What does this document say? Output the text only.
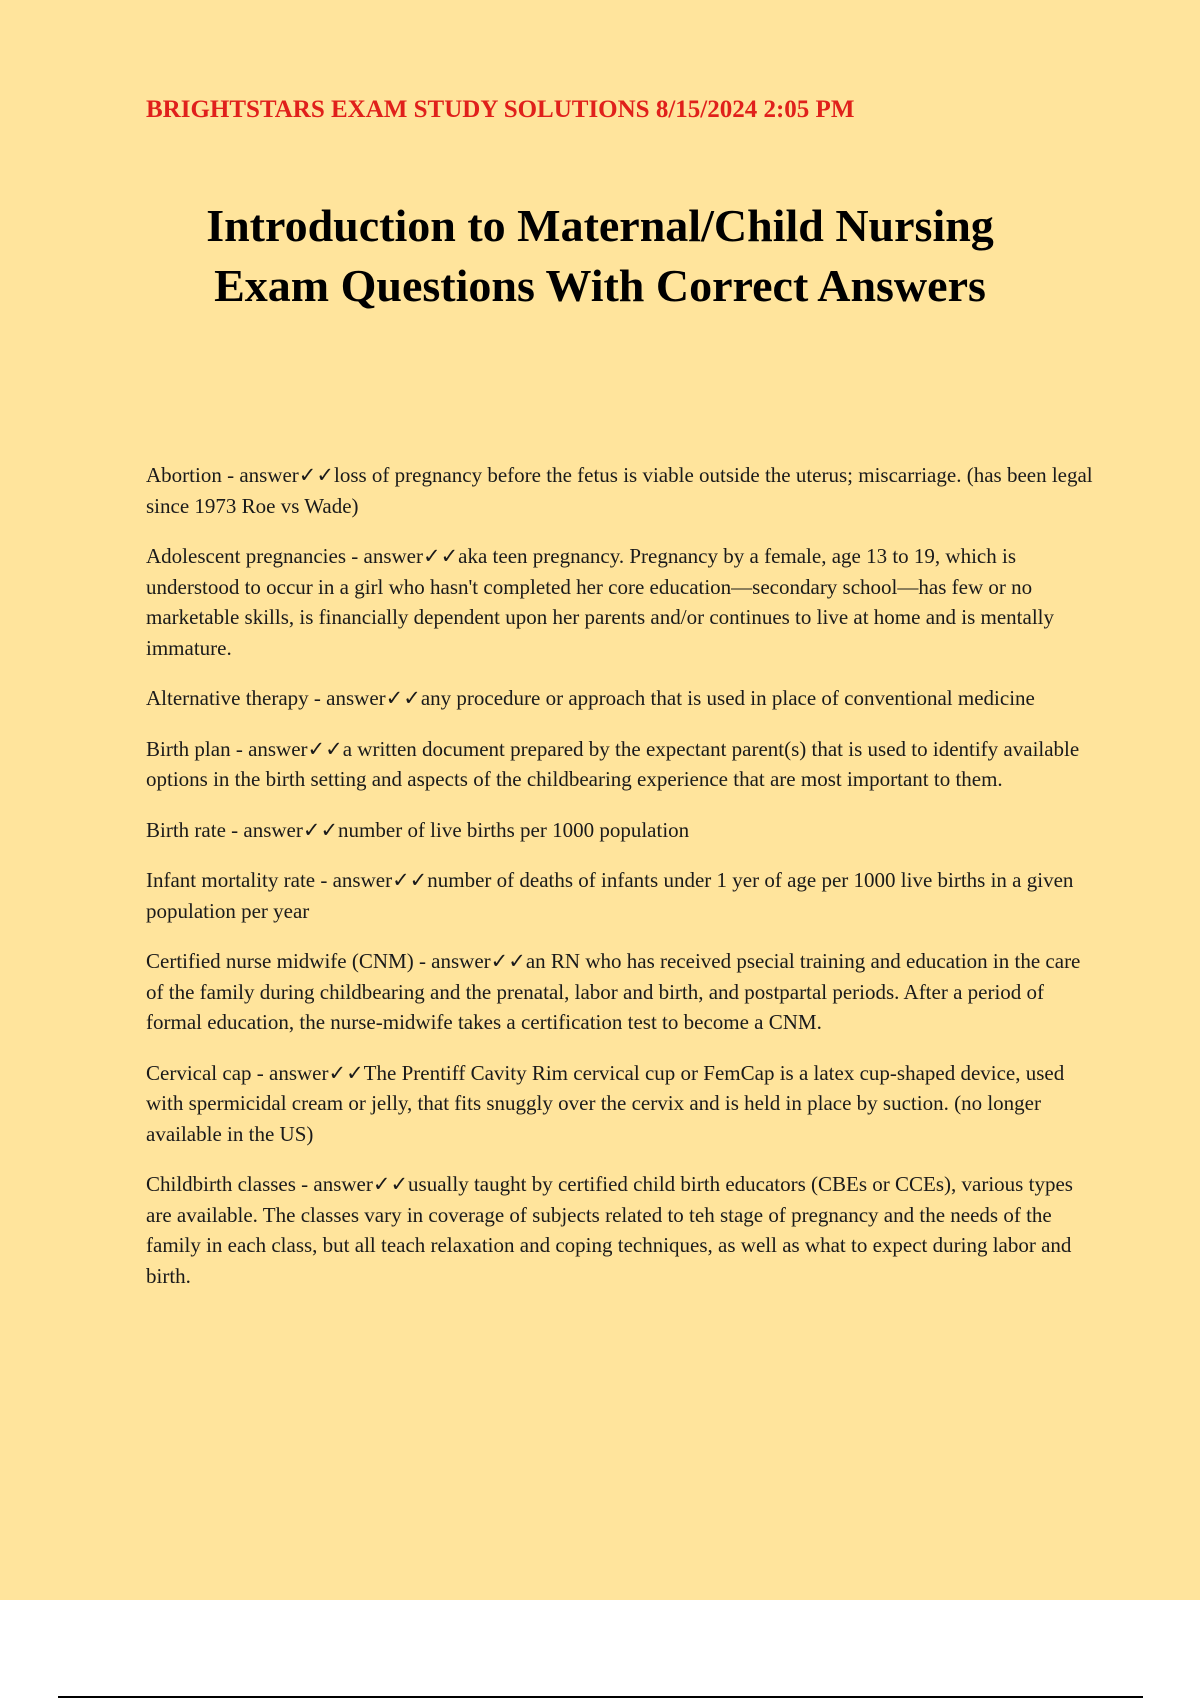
BRIGHTSTARS EXAM STUDY SOLUTIONS 8/15/2024 2:05 PM

Introduction to Maternal/Child Nursing
Exam Questions With Correct Answers

Abortion - answer✓✓loss of pregnancy before the fetus is viable outside the uterus; miscarriage. (has been legal since 1973 Roe vs Wade)

Adolescent pregnancies - answer✓✓aka teen pregnancy. Pregnancy by a female, age 13 to 19, which is understood to occur in a girl who hasn't completed her core education—secondary school—has few or no marketable skills, is financially dependent upon her parents and/or continues to live at home and is mentally immature.

Alternative therapy - answer✓✓any procedure or approach that is used in place of conventional medicine

Birth plan - answer✓✓a written document prepared by the expectant parent(s) that is used to identify available options in the birth setting and aspects of the childbearing experience that are most important to them.

Birth rate - answer✓✓number of live births per 1000 population

Infant mortality rate - answer✓✓number of deaths of infants under 1 yer of age per 1000 live births in a given population per year

Certified nurse midwife (CNM) - answer✓✓an RN who has received psecial training and education in the care of the family during childbearing and the prenatal, labor and birth, and postpartal periods. After a period of formal education, the nurse-midwife takes a certification test to become a CNM.

Cervical cap - answer✓✓The Prentiff Cavity Rim cervical cup or FemCap is a latex cup-shaped device, used with spermicidal cream or jelly, that fits snuggly over the cervix and is held in place by suction. (no longer available in the US)

Childbirth classes - answer✓✓usually taught by certified child birth educators (CBEs or CCEs), various types are available. The classes vary in coverage of subjects related to teh stage of pregnancy and the needs of the family in each class, but all teach relaxation and coping techniques, as well as what to expect during labor and birth.
